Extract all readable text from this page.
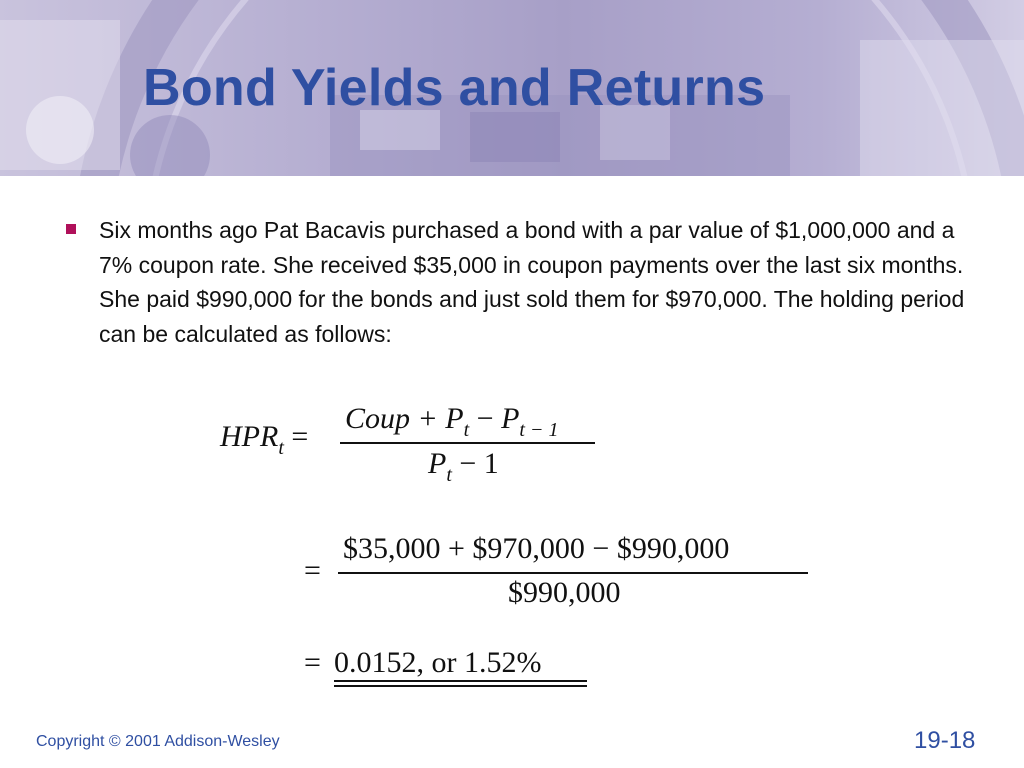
Bond Yields and Returns

Six months ago Pat Bacavis purchased a bond with a par value of $1,000,000 and a 7% coupon rate. She received $35,000 in coupon payments over the last six months. She paid $990,000 for the bonds and just sold them for $970,000. The holding period can be calculated as follows:

$HPR_t$ =
Coup + $P_t - P_{t - 1}$
$P_t - 1$
=
$35,000 + $970,000 − $990,000
$990,000
= 0.0152, or 1.52%
Copyright © 2001 Addison-Wesley	19-18
